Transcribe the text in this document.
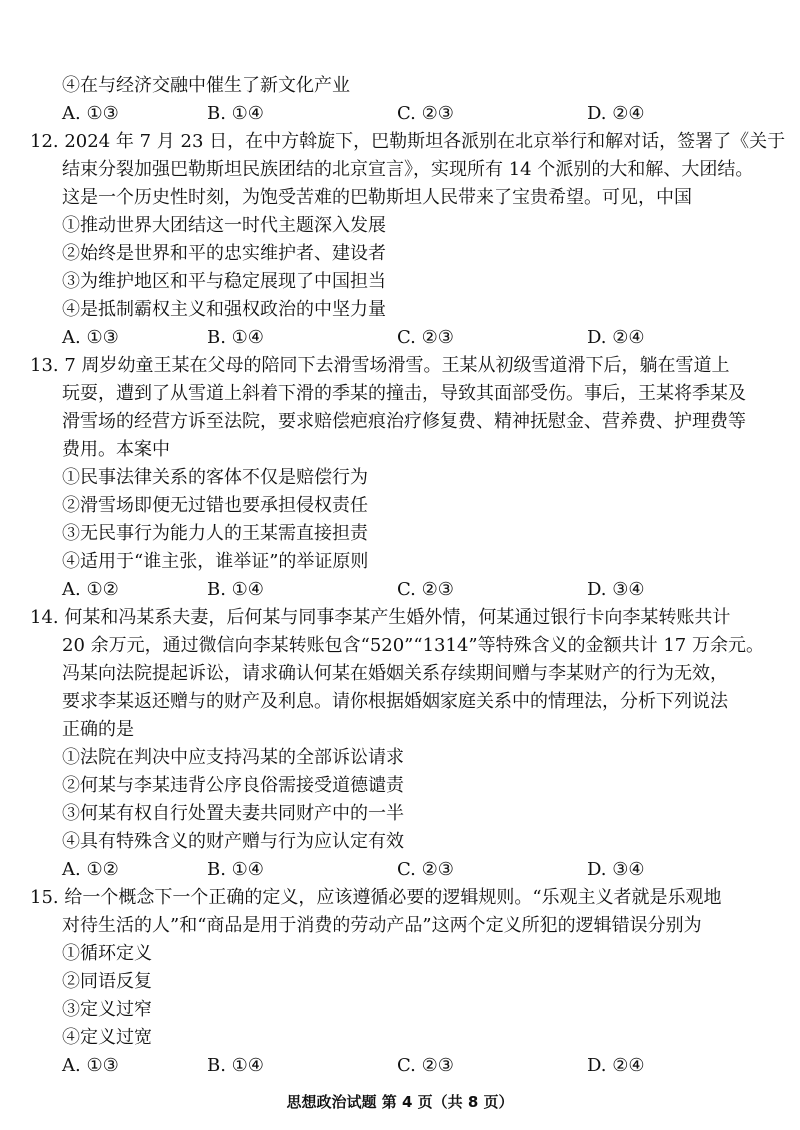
④在与经济交融中催生了新文化产业
A. ①③	B. ①④	C. ②③	D. ②④
12. 2024 年 7 月 23 日，在中方斡旋下，巴勒斯坦各派别在北京举行和解对话，签署了《关于
结束分裂加强巴勒斯坦民族团结的北京宣言》，实现所有 14 个派别的大和解、大团结。
这是一个历史性时刻，为饱受苦难的巴勒斯坦人民带来了宝贵希望。可见，中国
①推动世界大团结这一时代主题深入发展
②始终是世界和平的忠实维护者、建设者
③为维护地区和平与稳定展现了中国担当
④是抵制霸权主义和强权政治的中坚力量
A. ①③	B. ①④	C. ②③	D. ②④
13. 7 周岁幼童王某在父母的陪同下去滑雪场滑雪。王某从初级雪道滑下后，躺在雪道上
玩耍，遭到了从雪道上斜着下滑的季某的撞击，导致其面部受伤。事后，王某将季某及
滑雪场的经营方诉至法院，要求赔偿疤痕治疗修复费、精神抚慰金、营养费、护理费等
费用。本案中
①民事法律关系的客体不仅是赔偿行为
②滑雪场即便无过错也要承担侵权责任
③无民事行为能力人的王某需直接担责
④适用于“谁主张，谁举证”的举证原则
A. ①②	B. ①④	C. ②③	D. ③④
14. 何某和冯某系夫妻，后何某与同事李某产生婚外情，何某通过银行卡向李某转账共计
20 余万元，通过微信向李某转账包含“520”“1314”等特殊含义的金额共计 17 万余元。
冯某向法院提起诉讼，请求确认何某在婚姻关系存续期间赠与李某财产的行为无效，
要求李某返还赠与的财产及利息。请你根据婚姻家庭关系中的情理法，分析下列说法
正确的是
①法院在判决中应支持冯某的全部诉讼请求
②何某与李某违背公序良俗需接受道德谴责
③何某有权自行处置夫妻共同财产中的一半
④具有特殊含义的财产赠与行为应认定有效
A. ①②	B. ①④	C. ②③	D. ③④
15. 给一个概念下一个正确的定义，应该遵循必要的逻辑规则。“乐观主义者就是乐观地
对待生活的人”和“商品是用于消费的劳动产品”这两个定义所犯的逻辑错误分别为
①循环定义
②同语反复
③定义过窄
④定义过宽
A. ①③	B. ①④	C. ②③	D. ②④
思想政治试题 第 4 页（共 8 页）
